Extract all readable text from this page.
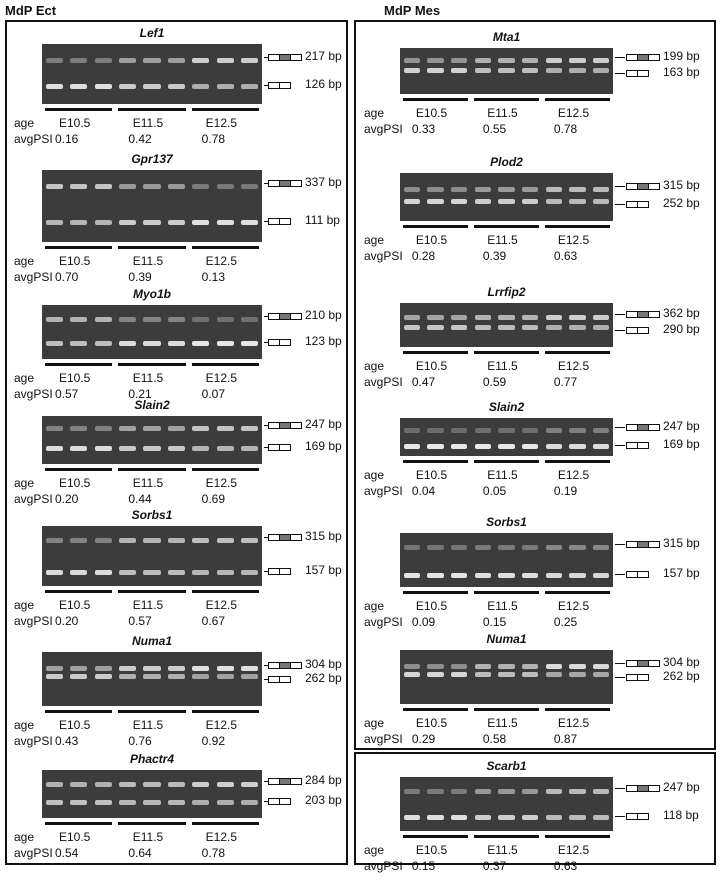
MdP Ect	MdP Mes
Lef1
217 bp
126 bp
age
avgPSI
E10.5
0.16
E11.5
0.42
E12.5
0.78
Gpr137
337 bp
111 bp
age
avgPSI
E10.5
0.70
E11.5
0.39
E12.5
0.13
Myo1b
210 bp
123 bp
age
avgPSI
E10.5
0.57
E11.5
0.21
E12.5
0.07
Slain2
247 bp
169 bp
age
avgPSI
E10.5
0.20
E11.5
0.44
E12.5
0.69
Sorbs1
315 bp
157 bp
age
avgPSI
E10.5
0.20
E11.5
0.57
E12.5
0.67
Numa1
304 bp
262 bp
age
avgPSI
E10.5
0.43
E11.5
0.76
E12.5
0.92
Phactr4
284 bp
203 bp
age
avgPSI
E10.5
0.54
E11.5
0.64
E12.5
0.78
Mta1
199 bp
163 bp
age
avgPSI
E10.5
0.33
E11.5
0.55
E12.5
0.78
Plod2
315 bp
252 bp
age
avgPSI
E10.5
0.28
E11.5
0.39
E12.5
0.63
Lrrfip2
362 bp
290 bp
age
avgPSI
E10.5
0.47
E11.5
0.59
E12.5
0.77
Slain2
247 bp
169 bp
age
avgPSI
E10.5
0.04
E11.5
0.05
E12.5
0.19
Sorbs1
315 bp
157 bp
age
avgPSI
E10.5
0.09
E11.5
0.15
E12.5
0.25
Numa1
304 bp
262 bp
age
avgPSI
E10.5
0.29
E11.5
0.58
E12.5
0.87
Scarb1
247 bp
118 bp
age
avgPSI
E10.5
0.15
E11.5
0.37
E12.5
0.63
